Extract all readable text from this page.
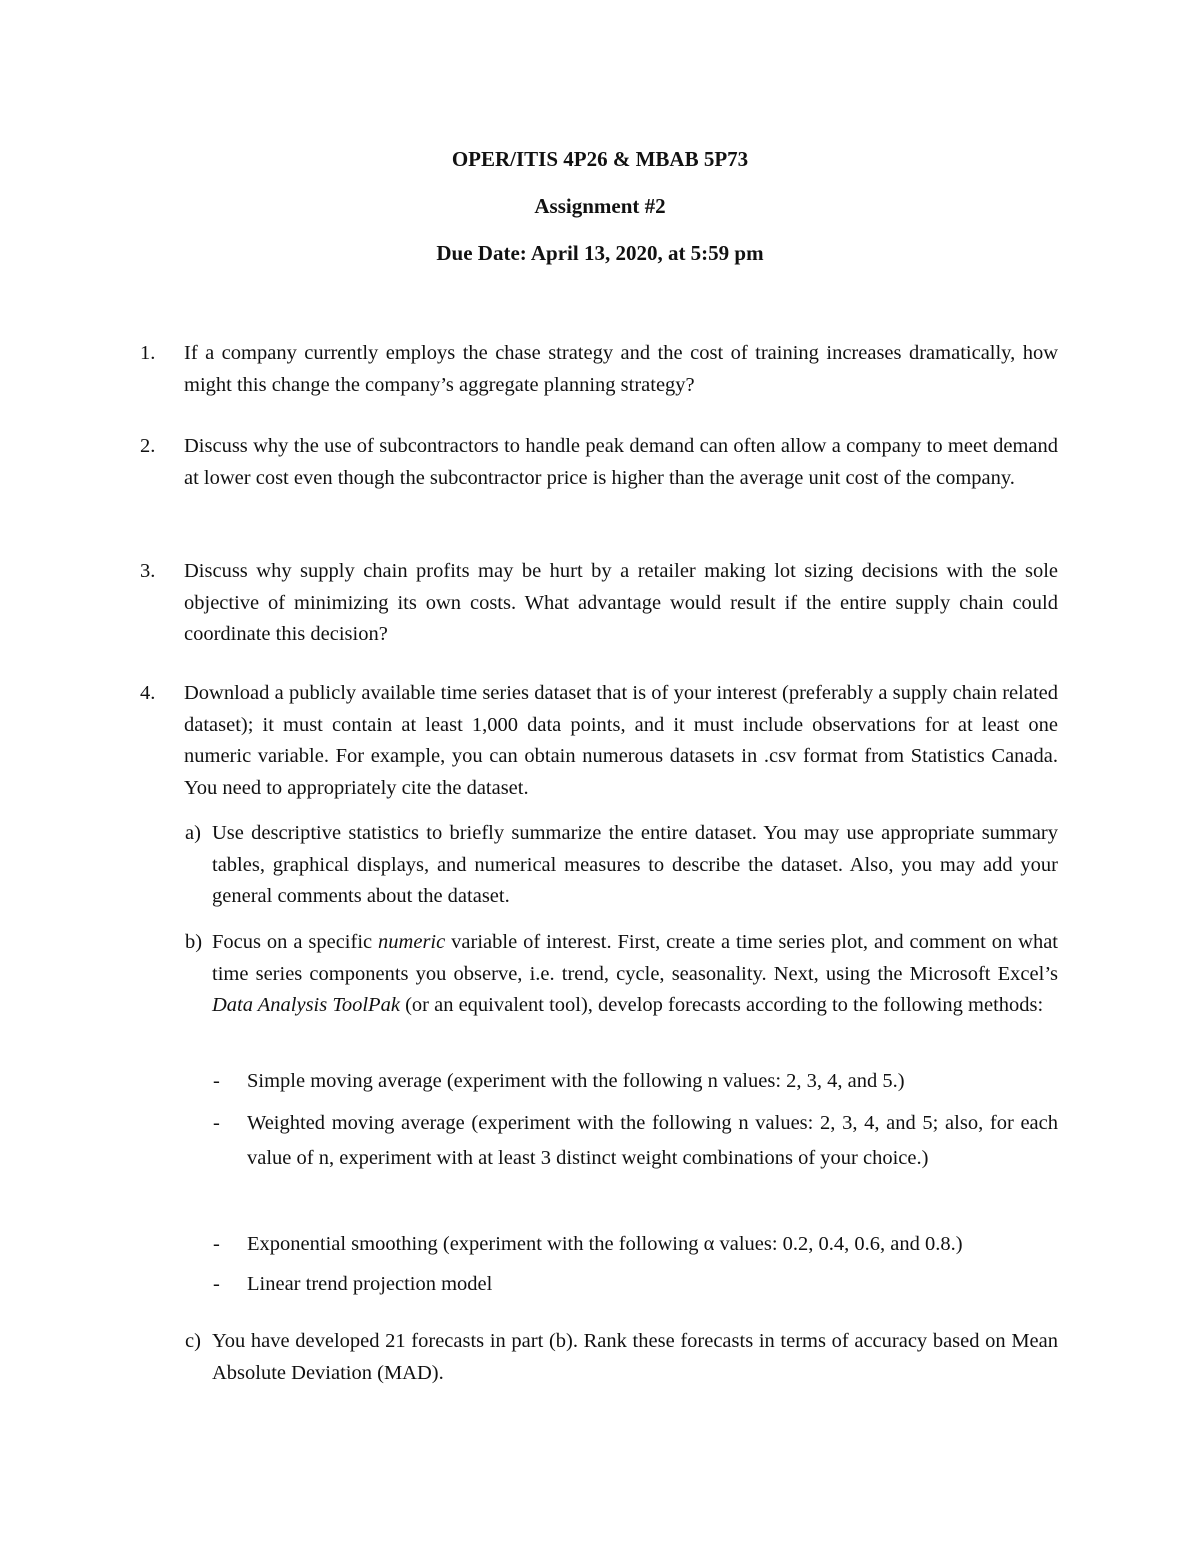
OPER/ITIS 4P26 & MBAB 5P73
Assignment #2
Due Date: April 13, 2020, at 5:59 pm
1.	If a company currently employs the chase strategy and the cost of training increases dramatically, how might this change the company’s aggregate planning strategy?
2.	Discuss why the use of subcontractors to handle peak demand can often allow a company to meet demand at lower cost even though the subcontractor price is higher than the average unit cost of the company.
3.	Discuss why supply chain profits may be hurt by a retailer making lot sizing decisions with the sole objective of minimizing its own costs. What advantage would result if the entire supply chain could coordinate this decision?
4.	Download a publicly available time series dataset that is of your interest (preferably a supply chain related dataset); it must contain at least 1,000 data points, and it must include observations for at least one numeric variable. For example, you can obtain numerous datasets in .csv format from Statistics Canada. You need to appropriately cite the dataset.
a) Use descriptive statistics to briefly summarize the entire dataset. You may use appropriate summary tables, graphical displays, and numerical measures to describe the dataset. Also, you may add your general comments about the dataset.
b) Focus on a specific numeric variable of interest. First, create a time series plot, and comment on what time series components you observe, i.e. trend, cycle, seasonality. Next, using the Microsoft Excel’s Data Analysis ToolPak (or an equivalent tool), develop forecasts according to the following methods:
-	Simple moving average (experiment with the following n values: 2, 3, 4, and 5.)
-	Weighted moving average (experiment with the following n values: 2, 3, 4, and 5; also, for each value of n, experiment with at least 3 distinct weight combinations of your choice.)
-	Exponential smoothing (experiment with the following α values: 0.2, 0.4, 0.6, and 0.8.)
-	Linear trend projection model
c) You have developed 21 forecasts in part (b). Rank these forecasts in terms of accuracy based on Mean Absolute Deviation (MAD).
